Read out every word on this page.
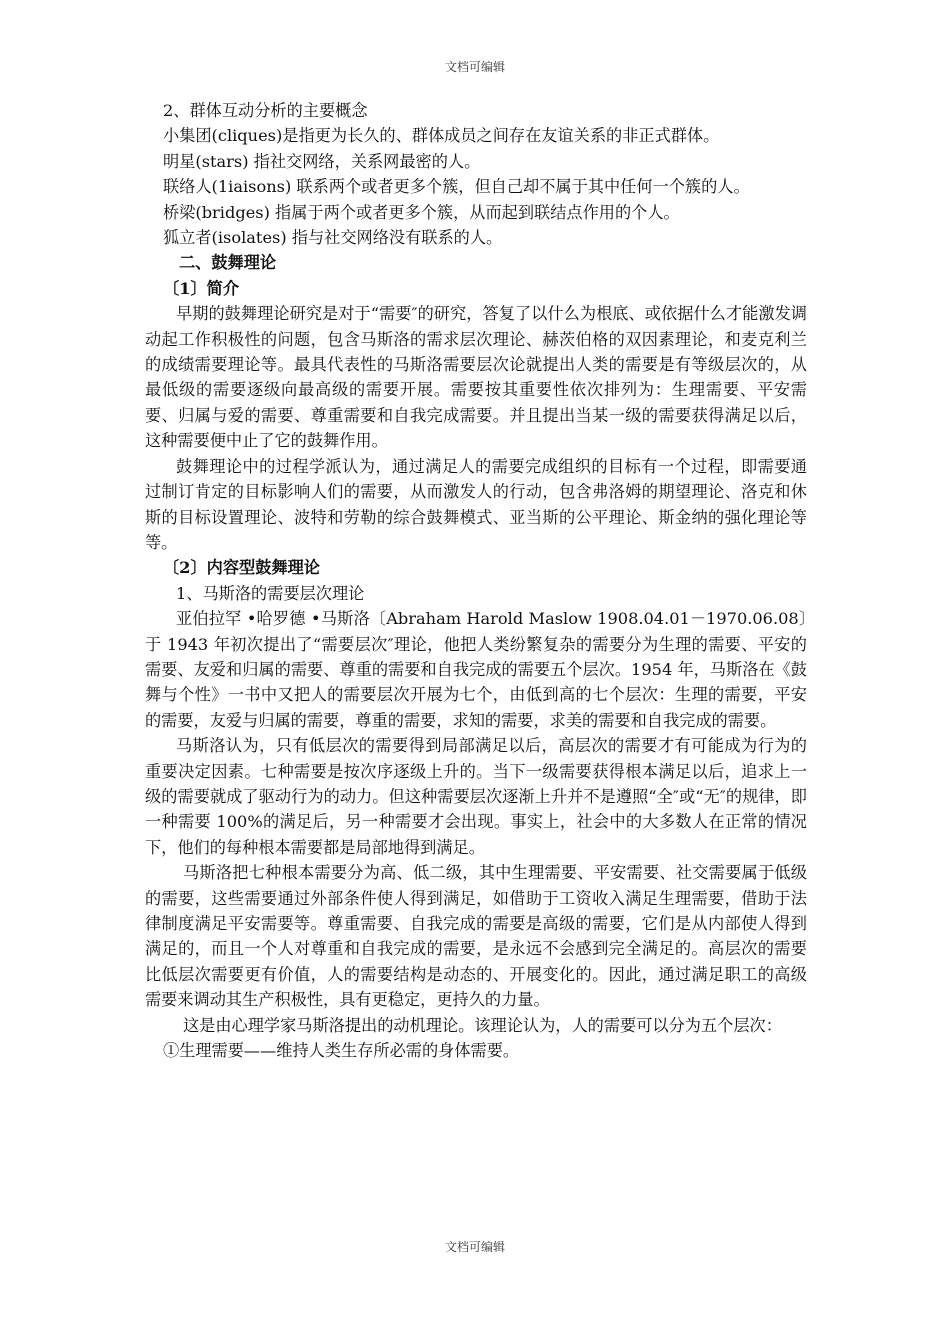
文档可编辑

2、群体互动分析的主要概念

小集团(cliques)是指更为长久的、群体成员之间存在友谊关系的非正式群体。

明星(stars) 指社交网络，关系网最密的人。

联络人(1iaisons) 联系两个或者更多个簇，但自己却不属于其中任何一个簇的人。

桥梁(bridges) 指属于两个或者更多个簇，从而起到联结点作用的个人。

狐立者(isolates) 指与社交网络没有联系的人。

二、鼓舞理论

〔1〕简介

早期的鼓舞理论研究是对于“需要″的研究，答复了以什么为根底、或依据什么才能激发调动起工作积极性的问题，包含马斯洛的需求层次理论、赫茨伯格的双因素理论，和麦克利兰的成绩需要理论等。最具代表性的马斯洛需要层次论就提出人类的需要是有等级层次的，从最低级的需要逐级向最高级的需要开展。需要按其重要性依次排列为：生理需要、平安需要、归属与爱的需要、尊重需要和自我完成需要。并且提出当某一级的需要获得满足以后，这种需要便中止了它的鼓舞作用。

鼓舞理论中的过程学派认为，通过满足人的需要完成组织的目标有一个过程，即需要通过制订肯定的目标影响人们的需要，从而激发人的行动，包含弗洛姆的期望理论、洛克和休斯的目标设置理论、波特和劳勒的综合鼓舞模式、亚当斯的公平理论、斯金纳的强化理论等等。

〔2〕内容型鼓舞理论

1、马斯洛的需要层次理论

亚伯拉罕 •哈罗德 •马斯洛〔Abraham Harold Maslow 1908.04.01－1970.06.08〕于 1943 年初次提出了“需要层次″理论，他把人类纷繁复杂的需要分为生理的需要、平安的需要、友爱和归属的需要、尊重的需要和自我完成的需要五个层次。1954 年，马斯洛在《鼓舞与个性》一书中又把人的需要层次开展为七个，由低到高的七个层次：生理的需要，平安的需要，友爱与归属的需要，尊重的需要，求知的需要，求美的需要和自我完成的需要。

马斯洛认为，只有低层次的需要得到局部满足以后，高层次的需要才有可能成为行为的重要决定因素。七种需要是按次序逐级上升的。当下一级需要获得根本满足以后，追求上一级的需要就成了驱动行为的动力。但这种需要层次逐渐上升并不是遵照“全″或“无″的规律，即一种需要 100%的满足后，另一种需要才会出现。事实上，社会中的大多数人在正常的情况下，他们的每种根本需要都是局部地得到满足。

马斯洛把七种根本需要分为高、低二级，其中生理需要、平安需要、社交需要属于低级的需要，这些需要通过外部条件使人得到满足，如借助于工资收入满足生理需要，借助于法律制度满足平安需要等。尊重需要、自我完成的需要是高级的需要，它们是从内部使人得到满足的，而且一个人对尊重和自我完成的需要，是永远不会感到完全满足的。高层次的需要比低层次需要更有价值，人的需要结构是动态的、开展变化的。因此，通过满足职工的高级需要来调动其生产积极性，具有更稳定，更持久的力量。

这是由心理学家马斯洛提出的动机理论。该理论认为，人的需要可以分为五个层次：

①生理需要——维持人类生存所必需的身体需要。

文档可编辑
